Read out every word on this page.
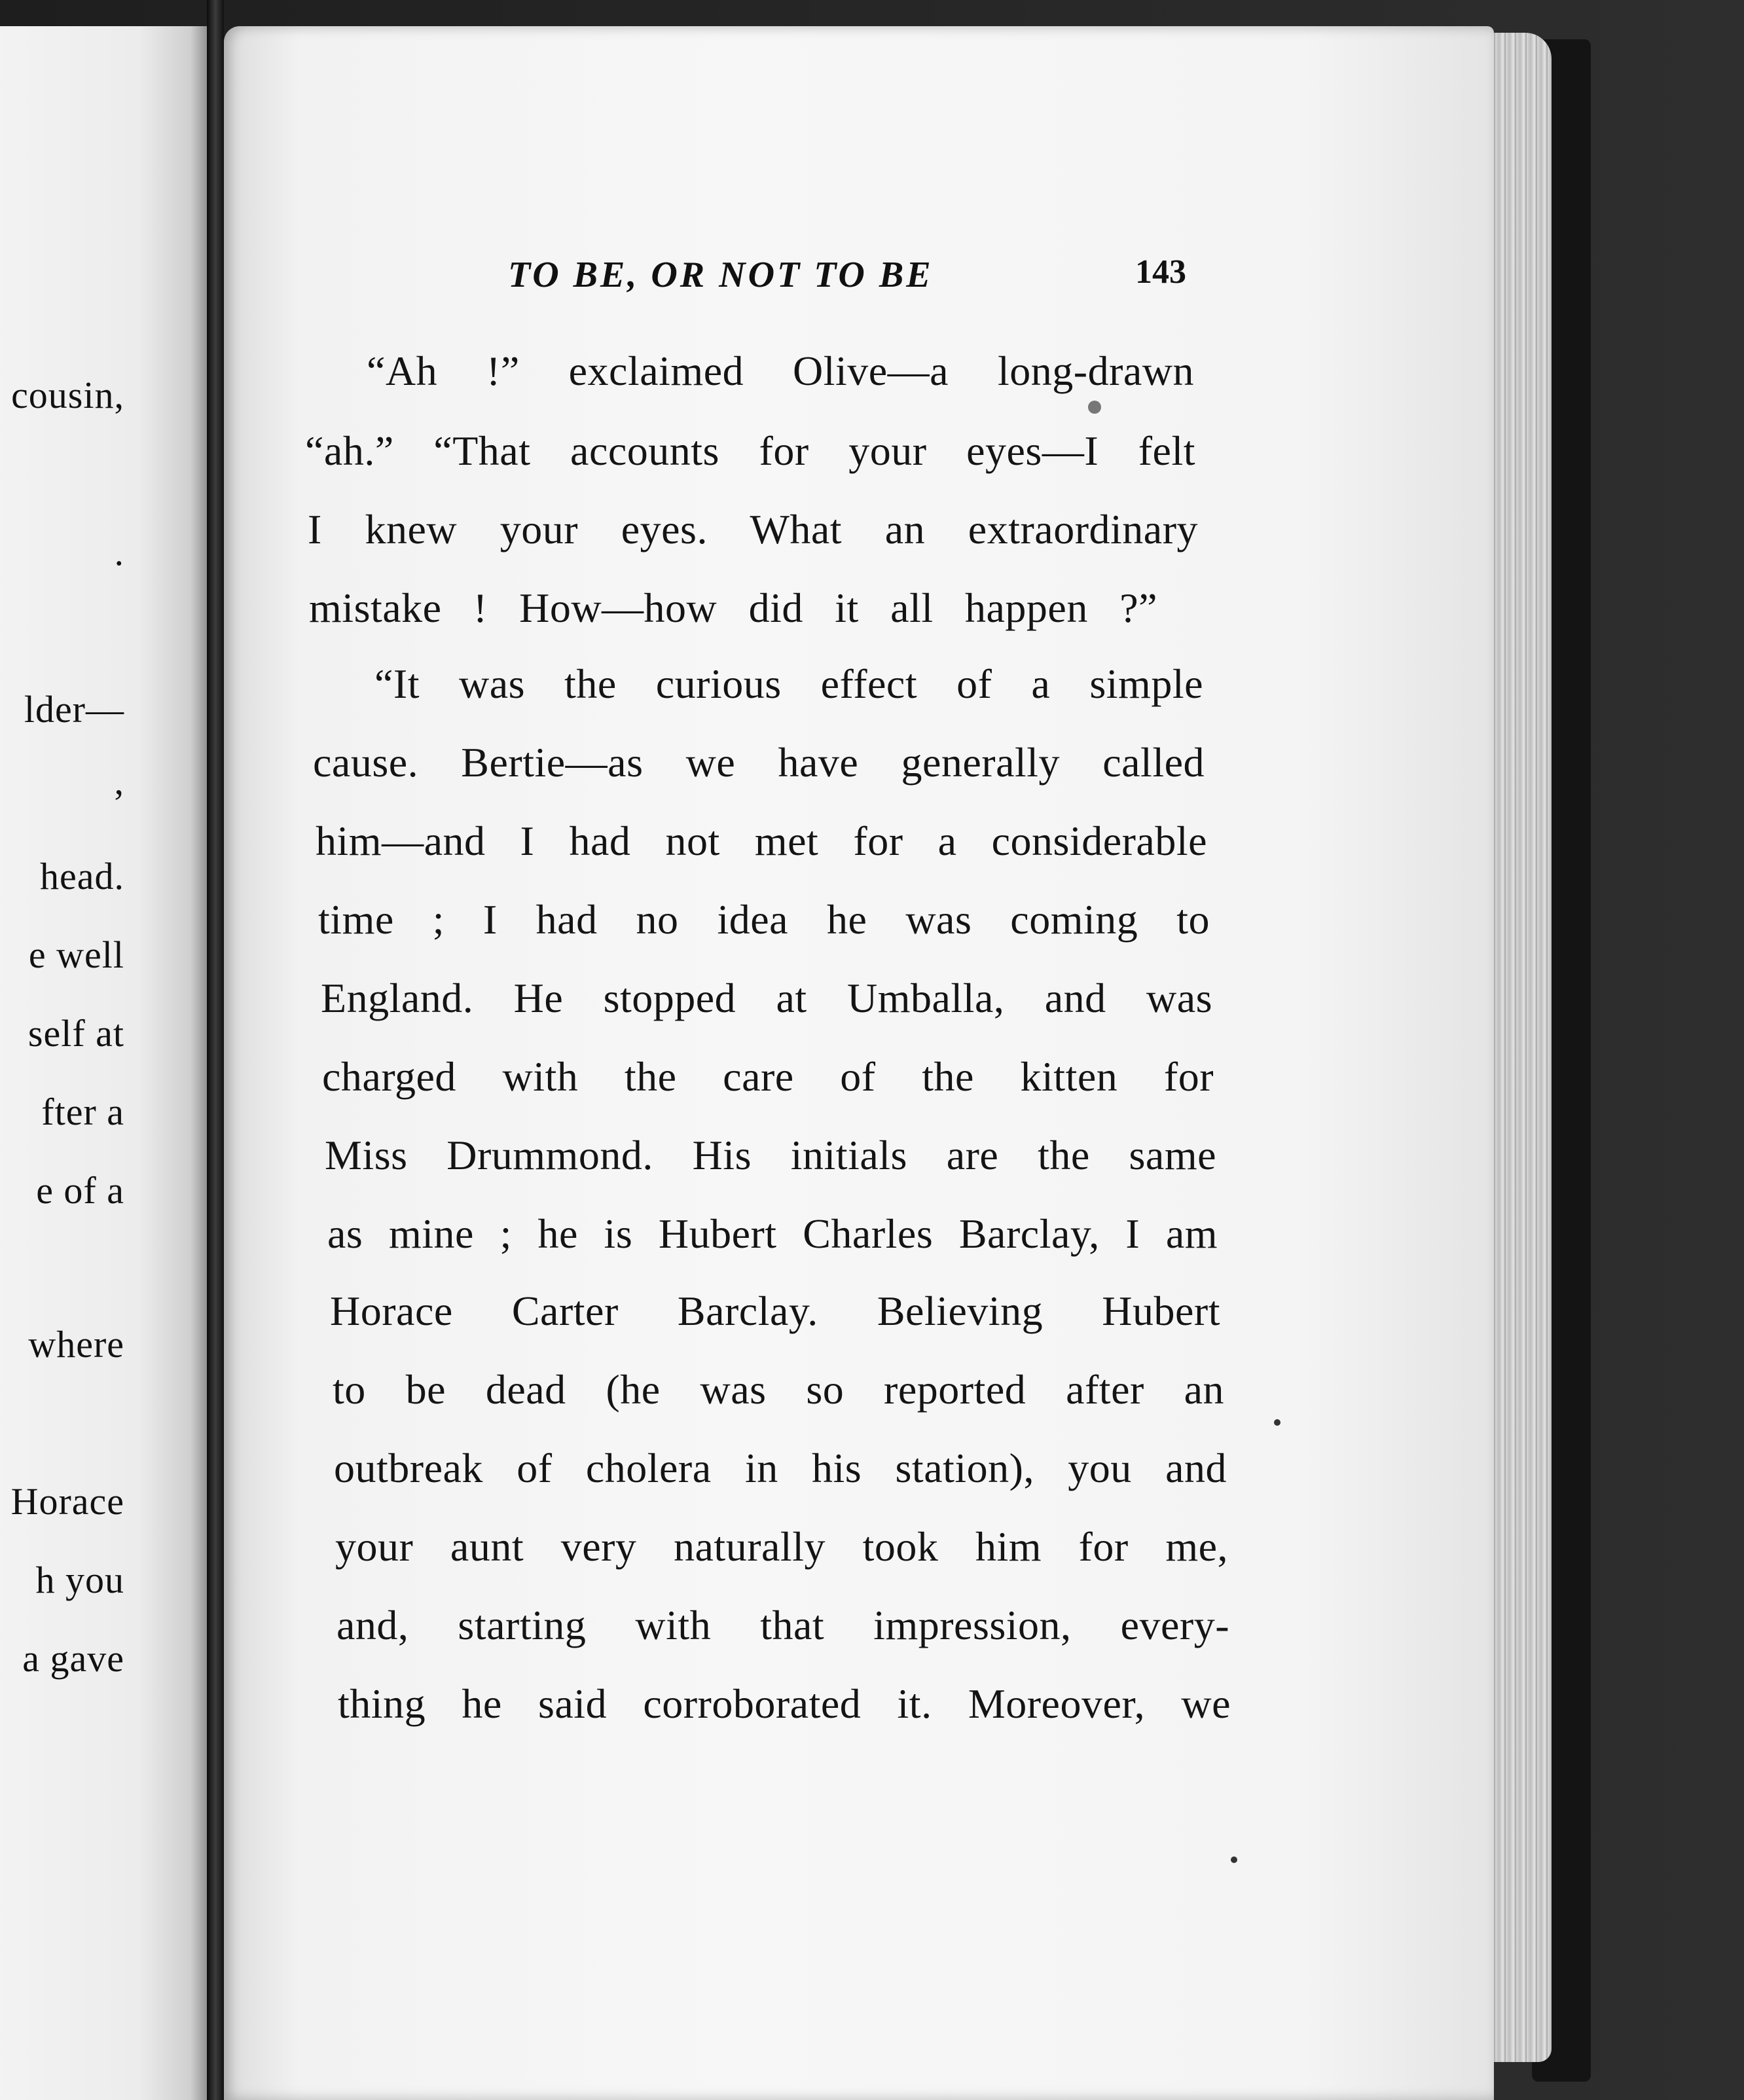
cousin,
.
lder—
,
head.
e well
self at
fter a
e of a
where
Horace
h you
a gave
TO BE, OR NOT TO BE	143
“Ah !” exclaimed Olive—a long-drawn
“ah.” “That accounts for your eyes—I felt
I knew your eyes. What an extraordinary
mistake ! How—how did it all happen ?”
“It was the curious effect of a simple
cause. Bertie—as we have generally called
him—and I had not met for a considerable
time ; I had no idea he was coming to
England. He stopped at Umballa, and was
charged with the care of the kitten for
Miss Drummond. His initials are the same
as mine ; he is Hubert Charles Barclay, I am
Horace Carter Barclay. Believing Hubert
to be dead (he was so reported after an
outbreak of cholera in his station), you and
your aunt very naturally took him for me,
and, starting with that impression, every-
thing he said corroborated it. Moreover, we
